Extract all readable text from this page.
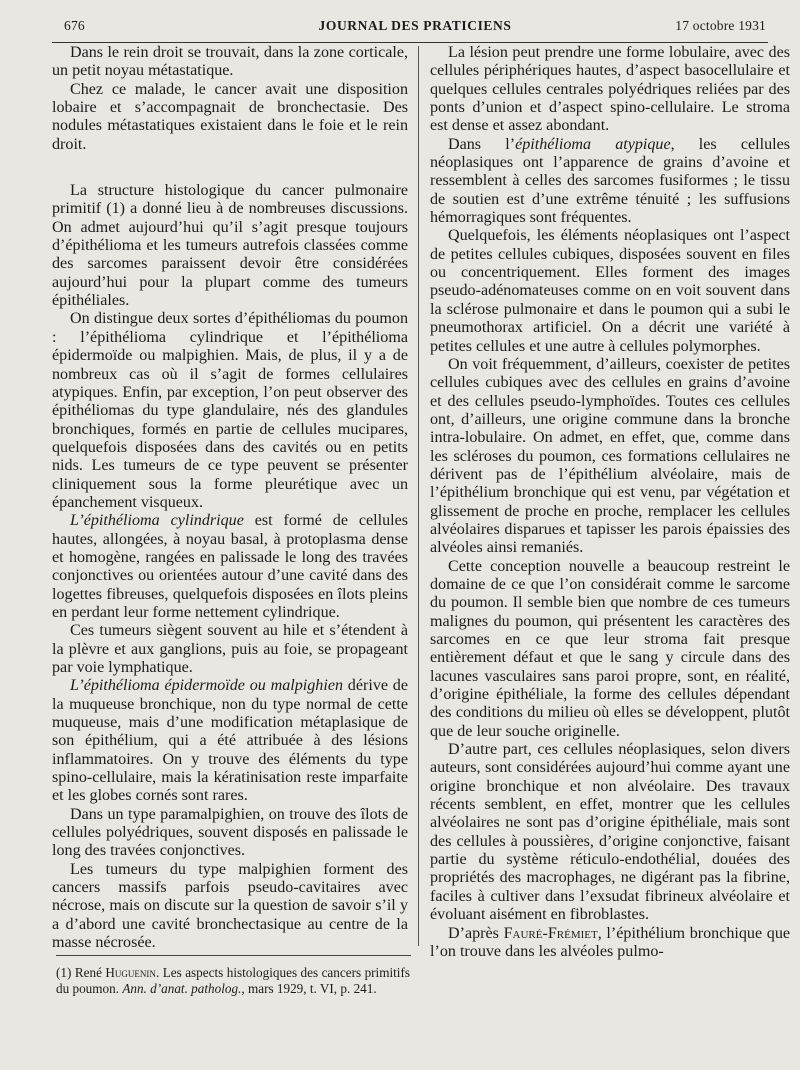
676	JOURNAL DES PRATICIENS	17 octobre 1931

Dans le rein droit se trouvait, dans la zone corticale, un petit noyau métastatique.

Chez ce malade, le cancer avait une disposition lobaire et s’accompagnait de bronchectasie. Des nodules métastatiques existaient dans le foie et le rein droit.

La structure histologique du cancer pulmonaire primitif (1) a donné lieu à de nombreuses discussions. On admet aujourd’hui qu’il s’agit presque toujours d’épithélioma et les tumeurs autrefois classées comme des sarcomes paraissent devoir être considérées aujourd’hui pour la plupart comme des tumeurs épithéliales.

On distingue deux sortes d’épithéliomas du poumon : l’épithélioma cylindrique et l’épithélioma épidermoïde ou malpighien. Mais, de plus, il y a de nombreux cas où il s’agit de formes cellulaires atypiques. Enfin, par exception, l’on peut observer des épithéliomas du type glandulaire, nés des glandules bronchiques, formés en partie de cellules mucipares, quelquefois disposées dans des cavités ou en petits nids. Les tumeurs de ce type peuvent se présenter cliniquement sous la forme pleurétique avec un épanchement visqueux.

L’épithélioma cylindrique est formé de cellules hautes, allongées, à noyau basal, à protoplasma dense et homogène, rangées en palissade le long des travées conjonctives ou orientées autour d’une cavité dans des logettes fibreuses, quelquefois disposées en îlots pleins en perdant leur forme nettement cylindrique.

Ces tumeurs siègent souvent au hile et s’étendent à la plèvre et aux ganglions, puis au foie, se propageant par voie lymphatique.

L’épithélioma épidermoïde ou malpighien dérive de la muqueuse bronchique, non du type normal de cette muqueuse, mais d’une modification métaplasique de son épithélium, qui a été attribuée à des lésions inflammatoires. On y trouve des éléments du type spino-cellulaire, mais la kératinisation reste imparfaite et les globes cornés sont rares.

Dans un type paramalpighien, on trouve des îlots de cellules polyédriques, souvent disposés en palissade le long des travées conjonctives.

Les tumeurs du type malpighien forment des cancers massifs parfois pseudo-cavitaires avec nécrose, mais on discute sur la question de savoir s’il y a d’abord une cavité bronchectasique au centre de la masse nécrosée.

La lésion peut prendre une forme lobulaire, avec des cellules périphériques hautes, d’aspect basocellulaire et quelques cellules centrales polyédriques reliées par des ponts d’union et d’aspect spino-cellulaire. Le stroma est dense et assez abondant.

Dans l’épithélioma atypique, les cellules néoplasiques ont l’apparence de grains d’avoine et ressemblent à celles des sarcomes fusiformes ; le tissu de soutien est d’une extrême ténuité ; les suffusions hémorragiques sont fréquentes.

Quelquefois, les éléments néoplasiques ont l’aspect de petites cellules cubiques, disposées souvent en files ou concentriquement. Elles forment des images pseudo-adénomateuses comme on en voit souvent dans la sclérose pulmonaire et dans le poumon qui a subi le pneumothorax artificiel. On a décrit une variété à petites cellules et une autre à cellules polymorphes.

On voit fréquemment, d’ailleurs, coexister de petites cellules cubiques avec des cellules en grains d’avoine et des cellules pseudo-lymphoïdes. Toutes ces cellules ont, d’ailleurs, une origine commune dans la bronche intra-lobulaire. On admet, en effet, que, comme dans les scléroses du poumon, ces formations cellulaires ne dérivent pas de l’épithélium alvéolaire, mais de l’épithélium bronchique qui est venu, par végétation et glissement de proche en proche, remplacer les cellules alvéolaires disparues et tapisser les parois épaissies des alvéoles ainsi remaniés.

Cette conception nouvelle a beaucoup restreint le domaine de ce que l’on considérait comme le sarcome du poumon. Il semble bien que nombre de ces tumeurs malignes du poumon, qui présentent les caractères des sarcomes en ce que leur stroma fait presque entièrement défaut et que le sang y circule dans des lacunes vasculaires sans paroi propre, sont, en réalité, d’origine épithéliale, la forme des cellules dépendant des conditions du milieu où elles se développent, plutôt que de leur souche originelle.

D’autre part, ces cellules néoplasiques, selon divers auteurs, sont considérées aujourd’hui comme ayant une origine bronchique et non alvéolaire. Des travaux récents semblent, en effet, montrer que les cellules alvéolaires ne sont pas d’origine épithéliale, mais sont des cellules à poussières, d’origine conjonctive, faisant partie du système réticulo-endothélial, douées des propriétés des macrophages, ne digérant pas la fibrine, faciles à cultiver dans l’exsudat fibrineux alvéolaire et évoluant aisément en fibroblastes.

D’après Fauré-Frémiet, l’épithélium bronchique que l’on trouve dans les alvéoles pulmo-

(1) René Huguenin. Les aspects histologiques des cancers primitifs du poumon. Ann. d’anat. patholog., mars 1929, t. VI, p. 241.
